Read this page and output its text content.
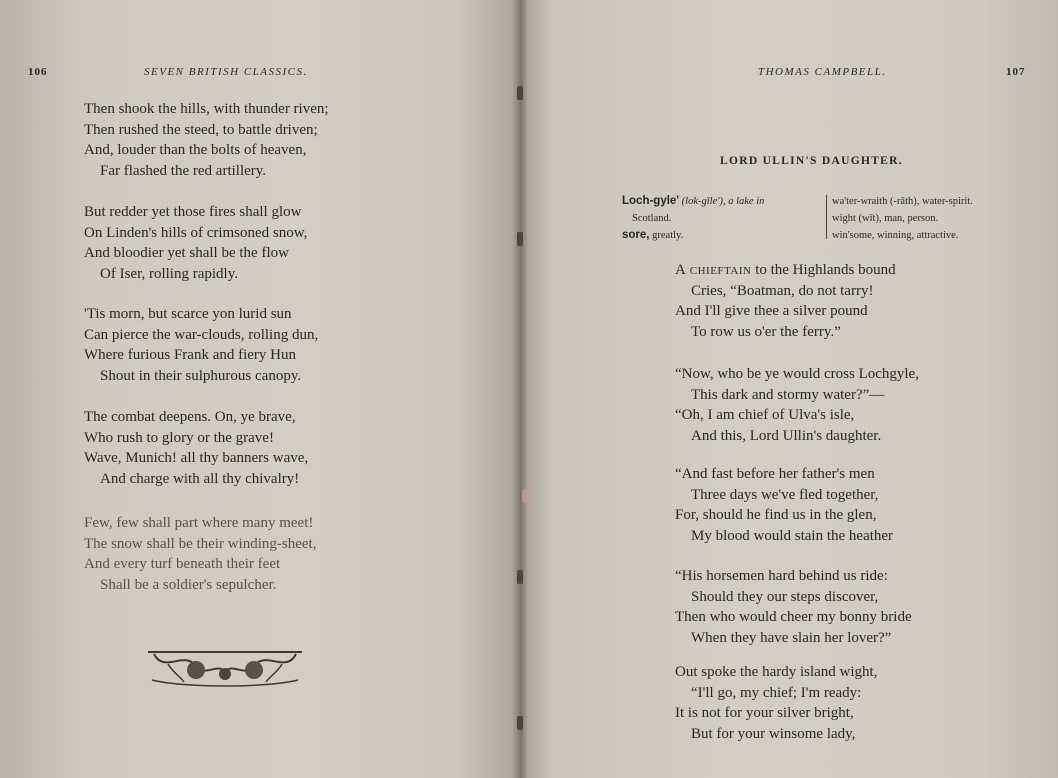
106	SEVEN BRITISH CLASSICS.
Then shook the hills, with thunder riven;
Then rushed the steed, to battle driven;
And, louder than the bolts of heaven,
Far flashed the red artillery.
But redder yet those fires shall glow
On Linden's hills of crimsoned snow,
And bloodier yet shall be the flow
Of Iser, rolling rapidly.
'Tis morn, but scarce yon lurid sun
Can pierce the war-clouds, rolling dun,
Where furious Frank and fiery Hun
Shout in their sulphurous canopy.
The combat deepens. On, ye brave,
Who rush to glory or the grave!
Wave, Munich! all thy banners wave,
And charge with all thy chivalry!
Few, few shall part where many meet!
The snow shall be their winding-sheet,
And every turf beneath their feet
Shall be a soldier's sepulcher.
THOMAS CAMPBELL.	107
LORD ULLIN'S DAUGHTER.
Loch-gyle' (lok-gīle'), a lake in
Scotland.
sore, greatly.
wa'ter-wraith (-rāth), water-spirit.
wight (wīt), man, person.
win'some, winning, attractive.
A chieftain to the Highlands bound
Cries, “Boatman, do not tarry!
And I'll give thee a silver pound
To row us o'er the ferry.”
“Now, who be ye would cross Lochgyle,
This dark and stormy water?”—
“Oh, I am chief of Ulva's isle,
And this, Lord Ullin's daughter.
“And fast before her father's men
Three days we've fled together,
For, should he find us in the glen,
My blood would stain the heather
“His horsemen hard behind us ride:
Should they our steps discover,
Then who would cheer my bonny bride
When they have slain her lover?”
Out spoke the hardy island wight,
“I'll go, my chief; I'm ready:
It is not for your silver bright,
But for your winsome lady,
